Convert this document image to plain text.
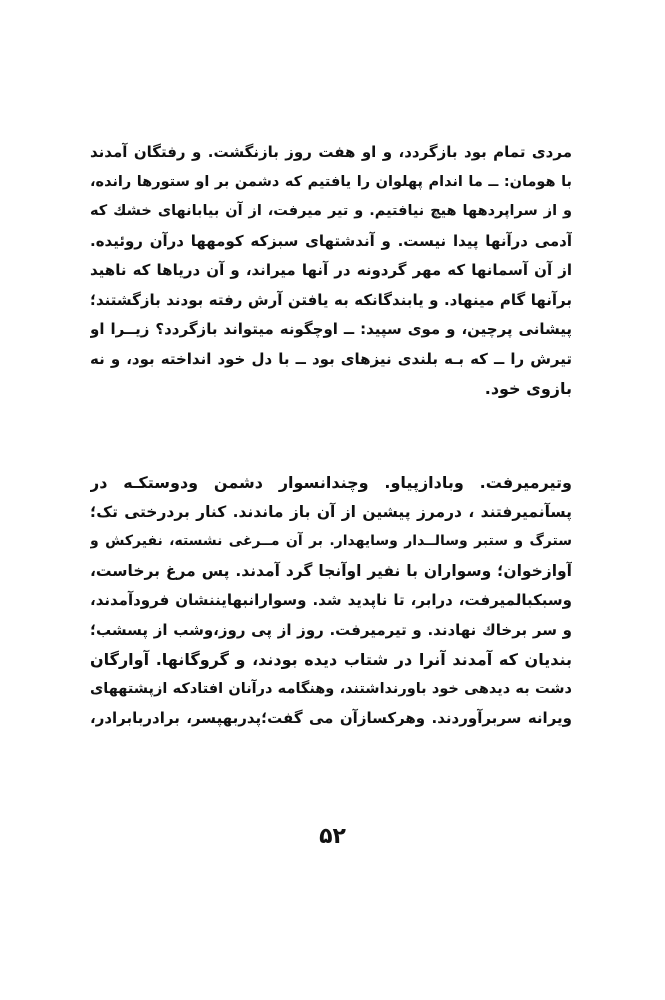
مردی تمام بود بازگردد، و او هفت روز بازنگشت. و رفتگان آمدند
با هومان: ــ ما اندام پهلوان را یافتیم که دشمن بر او ستورها رانده،
و از سراپردهها هیچ نیافتیم. و تیر میرفت، از آن بیابانهای خشك که
آدمی درآنها پیدا نیست. و آندشتهای سبزکه کومهها درآن روئیده.
از آن آسمانها که مهر گردونه در آنها میراند، و آن دریاها که ناهید
برآنها گام مینهاد. و یابندگانکه به یافتن آرش رفته بودند بازگشتند؛
پیشانی پرچین، و موی سپید: ــ اوچگونه میتواند بازگردد؟ زیــرا او
تیرش را ــ که بـه بلندی نیزهای بود ــ با دل خود انداخته بود، و نه
بازوی خود.
وتیرمیرفت. وبادازپیاو. وچندانسوار دشمن ودوستکـه در
پسآنمیرفتند ، درمرز پیشین از آن باز ماندند. کنار بردرختی تک؛
سترگ و ستبر وسالــدار وسایهدار. بر آن مــرغی نشسته، نفیرکش و
آوازخوان؛ وسواران با نفیر اوآنجا گرد آمدند. پس مرغ برخاست،
وسبکبالمیرفت، درابر، تا ناپدید شد. وسوارانبهایننشان فرودآمدند،
و سر برخاك نهادند. و تیرمیرفت. روز از پی روز،وشب از پسشب؛
بندیان که آمدند آنرا در شتاب دیده بودند، و گروگانها. آوارگان
دشت به دیدهی خود باورنداشتند، وهنگامه درآنان افتادکه ازپشتههای
ویرانه سربرآوردند. وهرکسازآن می گفت؛پدربهپسر، برادربابرادر،
۵۲
